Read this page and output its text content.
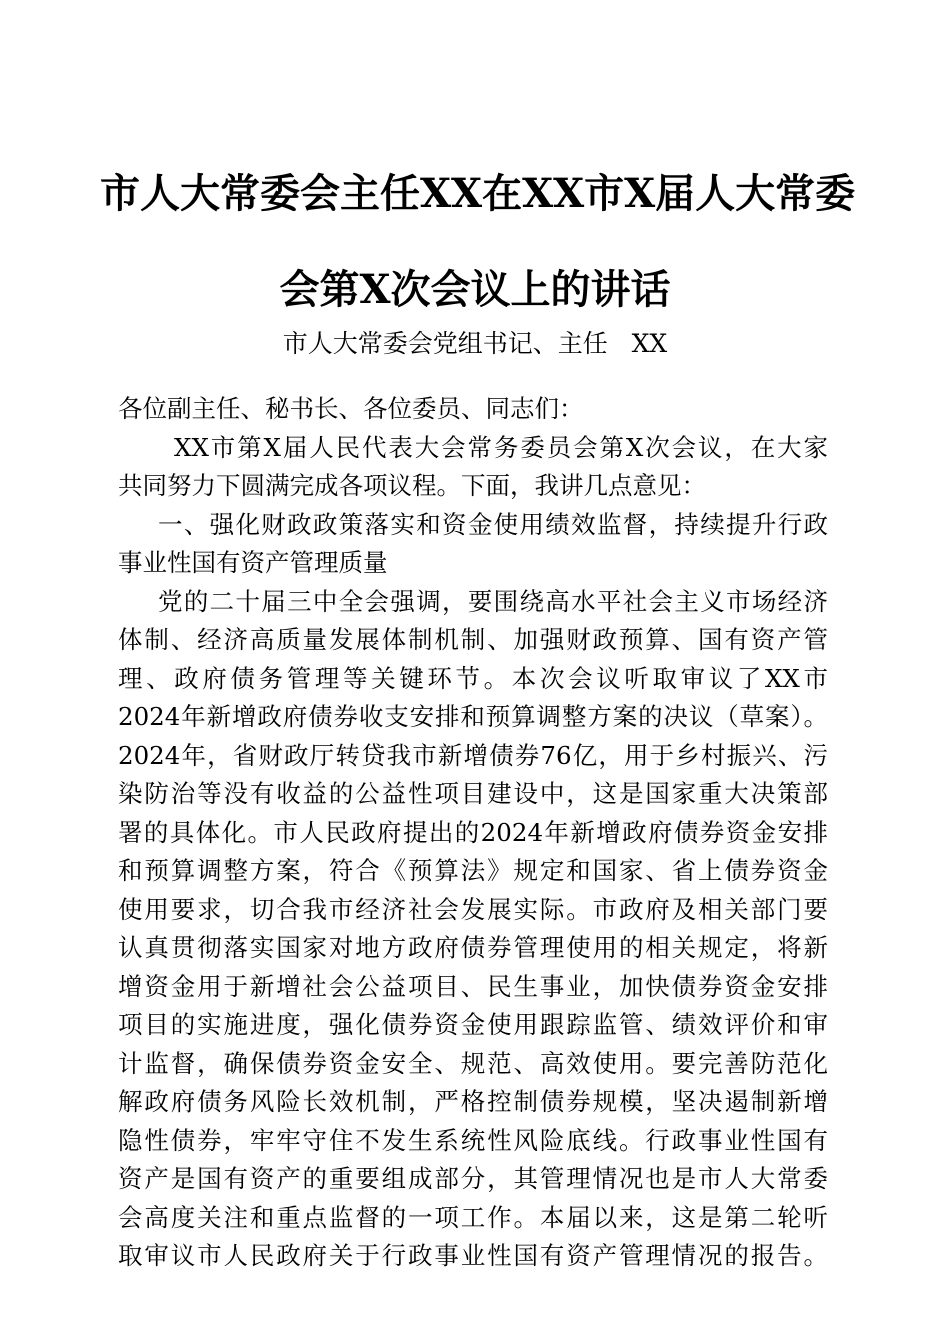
市人大常委会主任XX在XX市X届人大常委
会第X次会议上的讲话

市人大常委会党组书记、主任   XX

各位副主任、秘书长、各位委员、同志们：
XX市第X届人民代表大会常务委员会第X次会议，在大家
共同努力下圆满完成各项议程。下面，我讲几点意见：
一、强化财政政策落实和资金使用绩效监督，持续提升行政
事业性国有资产管理质量
党的二十届三中全会强调，要围绕高水平社会主义市场经济
体制、经济高质量发展体制机制、加强财政预算、国有资产管
理、政府债务管理等关键环节。本次会议听取审议了XX市
2024年新增政府债券收支安排和预算调整方案的决议（草案）。
2024年，省财政厅转贷我市新增债券76亿，用于乡村振兴、污
染防治等没有收益的公益性项目建设中，这是国家重大决策部
署的具体化。市人民政府提出的2024年新增政府债券资金安排
和预算调整方案，符合《预算法》规定和国家、省上债券资金
使用要求，切合我市经济社会发展实际。市政府及相关部门要
认真贯彻落实国家对地方政府债券管理使用的相关规定，将新
增资金用于新增社会公益项目、民生事业，加快债券资金安排
项目的实施进度，强化债券资金使用跟踪监管、绩效评价和审
计监督，确保债券资金安全、规范、高效使用。要完善防范化
解政府债务风险长效机制，严格控制债券规模，坚决遏制新增
隐性债券，牢牢守住不发生系统性风险底线。行政事业性国有
资产是国有资产的重要组成部分，其管理情况也是市人大常委
会高度关注和重点监督的一项工作。本届以来，这是第二轮听
取审议市人民政府关于行政事业性国有资产管理情况的报告。
